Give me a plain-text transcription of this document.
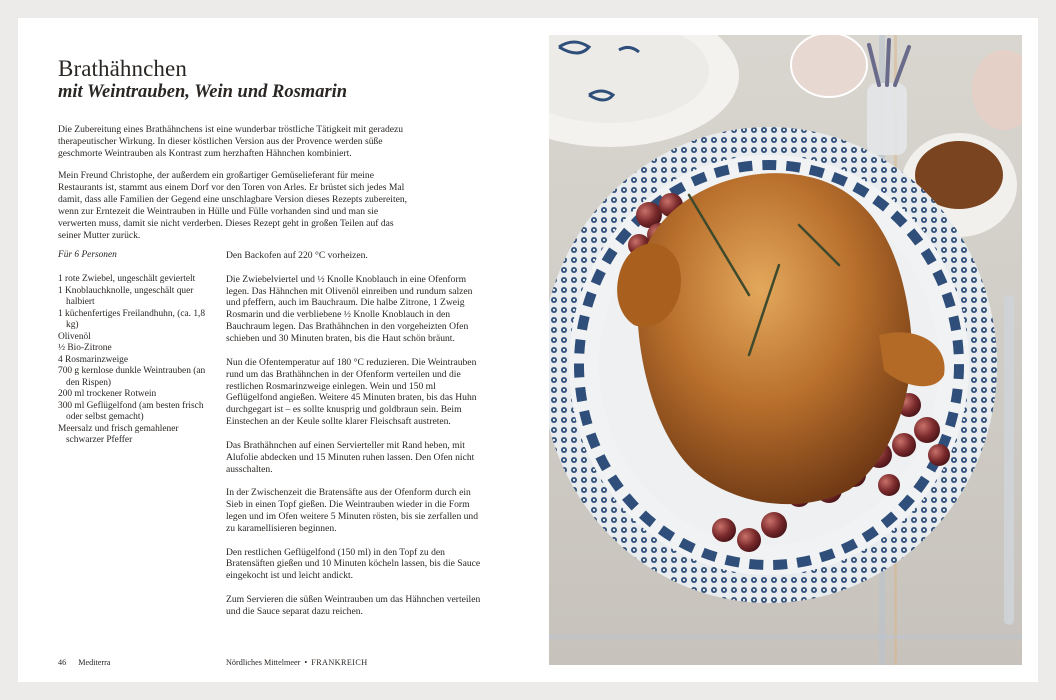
Brathähnchen
mit Weintrauben, Wein und Rosmarin

Die Zubereitung eines Brathähnchens ist eine wunderbar tröstliche Tätigkeit mit geradezu therapeutischer Wirkung. In dieser köstlichen Version aus der Provence werden süße geschmorte Weintrauben als Kontrast zum herzhaften Hähnchen kombiniert.

Mein Freund Christophe, der außerdem ein großartiger Gemüselieferant für meine Restaurants ist, stammt aus einem Dorf vor den Toren von Arles. Er brüstet sich jedes Mal damit, dass alle Familien der Gegend eine unschlagbare Version dieses Rezepts zubereiten, wenn zur Erntezeit die Weintrauben in Hülle und Fülle vorhanden sind und man sie verwerten muss, damit sie nicht verderben. Dieses Rezept geht in großen Teilen auf das seiner Mutter zurück.

Für 6 Personen
1 rote Zwiebel, ungeschält geviertelt
1 Knoblauchknolle, ungeschält quer halbiert
1 küchenfertiges Freilandhuhn, (ca. 1,8 kg)
Olivenöl
½ Bio-Zitrone
4 Rosmarinzweige
700 g kernlose dunkle Weintrauben (an den Rispen)
200 ml trockener Rotwein
300 ml Geflügelfond (am besten frisch oder selbst gemacht)
Meersalz und frisch gemahlener schwarzer Pfeffer

Den Backofen auf 220 °C vorheizen.

Die Zwiebelviertel und ½ Knolle Knoblauch in eine Ofenform legen. Das Hähnchen mit Olivenöl einreiben und rundum salzen und pfeffern, auch im Bauchraum. Die halbe Zitrone, 1 Zweig Rosmarin und die verbliebene ½ Knolle Knoblauch in den Bauchraum legen. Das Brathähnchen in den vorgeheizten Ofen schieben und 30 Minuten braten, bis die Haut schön bräunt.

Nun die Ofentemperatur auf 180 °C reduzieren. Die Weintrauben rund um das Brathähnchen in der Ofenform verteilen und die restlichen Rosmarinzweige einlegen. Wein und 150 ml Geflügelfond angießen. Weitere 45 Minuten braten, bis das Huhn durchgegart ist – es sollte knusprig und goldbraun sein. Beim Einstechen an der Keule sollte klarer Fleischsaft austreten.

Das Brathähnchen auf einen Servierteller mit Rand heben, mit Alufolie abdecken und 15 Minuten ruhen lassen. Den Ofen nicht ausschalten.

In der Zwischenzeit die Bratensäfte aus der Ofenform durch ein Sieb in einen Topf gießen. Die Weintrauben wieder in die Form legen und im Ofen weitere 5 Minuten rösten, bis sie zerfallen und zu karamellisieren beginnen.

Den restlichen Geflügelfond (150 ml) in den Topf zu den Bratensäften gießen und 10 Minuten köcheln lassen, bis die Sauce eingekocht ist und leicht andickt.

Zum Servieren die süßen Weintrauben um das Hähnchen verteilen und die Sauce separat dazu reichen.

46 Mediterra	Nördliches Mittelmeer • FRANKREICH
